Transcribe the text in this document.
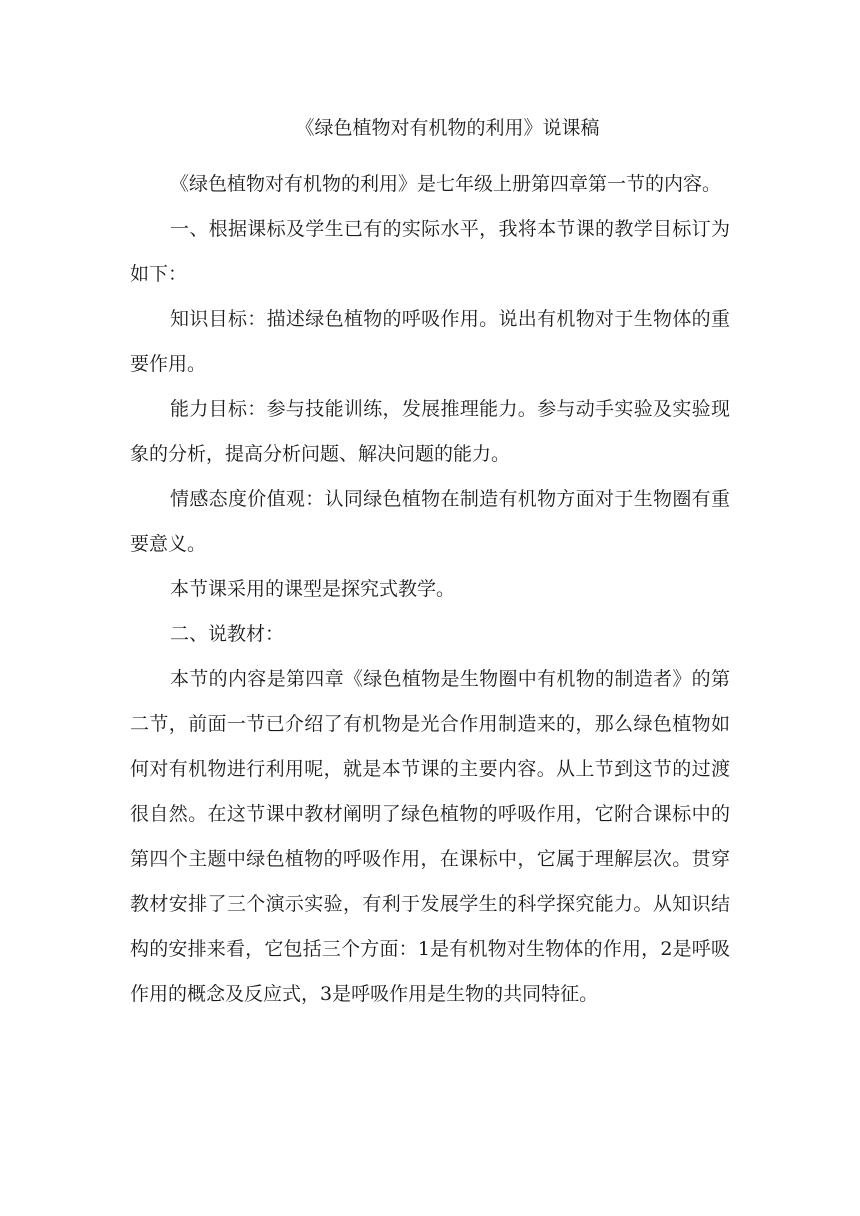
《绿色植物对有机物的利用》说课稿

《绿色植物对有机物的利用》是七年级上册第四章第一节的内容。

一、根据课标及学生已有的实际水平，我将本节课的教学目标订为如下：

知识目标：描述绿色植物的呼吸作用。说出有机物对于生物体的重要作用。

能力目标：参与技能训练，发展推理能力。参与动手实验及实验现象的分析，提高分析问题、解决问题的能力。

情感态度价值观：认同绿色植物在制造有机物方面对于生物圈有重要意义。

本节课采用的课型是探究式教学。

二、说教材：

本节的内容是第四章《绿色植物是生物圈中有机物的制造者》的第二节，前面一节已介绍了有机物是光合作用制造来的，那么绿色植物如何对有机物进行利用呢，就是本节课的主要内容。从上节到这节的过渡很自然。在这节课中教材阐明了绿色植物的呼吸作用，它附合课标中的第四个主题中绿色植物的呼吸作用，在课标中，它属于理解层次。贯穿教材安排了三个演示实验，有利于发展学生的科学探究能力。从知识结构的安排来看，它包括三个方面：1是有机物对生物体的作用，2是呼吸作用的概念及反应式，3是呼吸作用是生物的共同特征。
